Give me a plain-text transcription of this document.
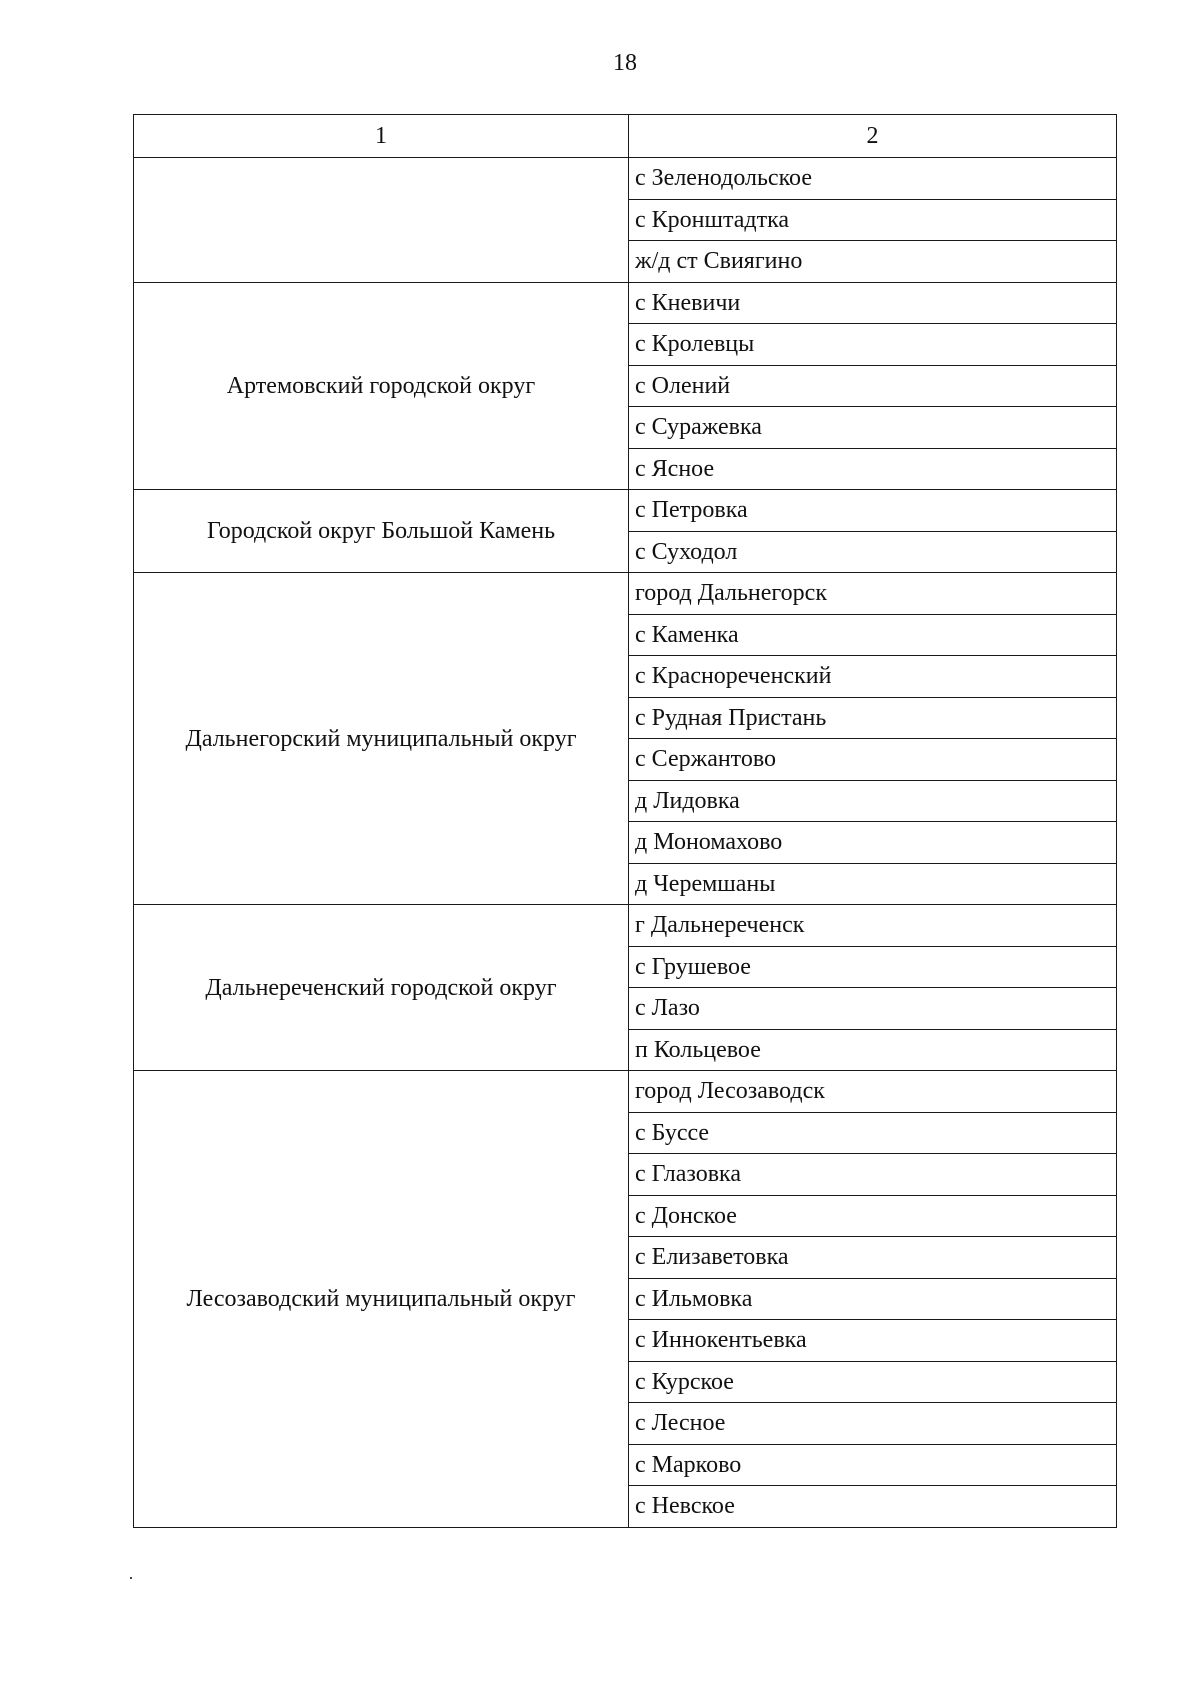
18
1	2
	с Зеленодольское
	с Кронштадтка
	ж/д ст Свиягино
Артемовский городской округ	с Кневичи
	с Кролевцы
	с Олений
	с Суражевка
	с Ясное
Городской округ Большой Камень	с Петровка
	с Суходол
Дальнегорский муниципальный округ	город Дальнегорск
	с Каменка
	с Краснореченский
	с Рудная Пристань
	с Сержантово
	д Лидовка
	д Мономахово
	д Черемшаны
Дальнереченский городской округ	г Дальнереченск
	с Грушевое
	с Лазо
	п Кольцевое
Лесозаводский муниципальный округ	город Лесозаводск
	с Буссе
	с Глазовка
	с Донское
	с Елизаветовка
	с Ильмовка
	с Иннокентьевка
	с Курское
	с Лесное
	с Марково
	с Невское
